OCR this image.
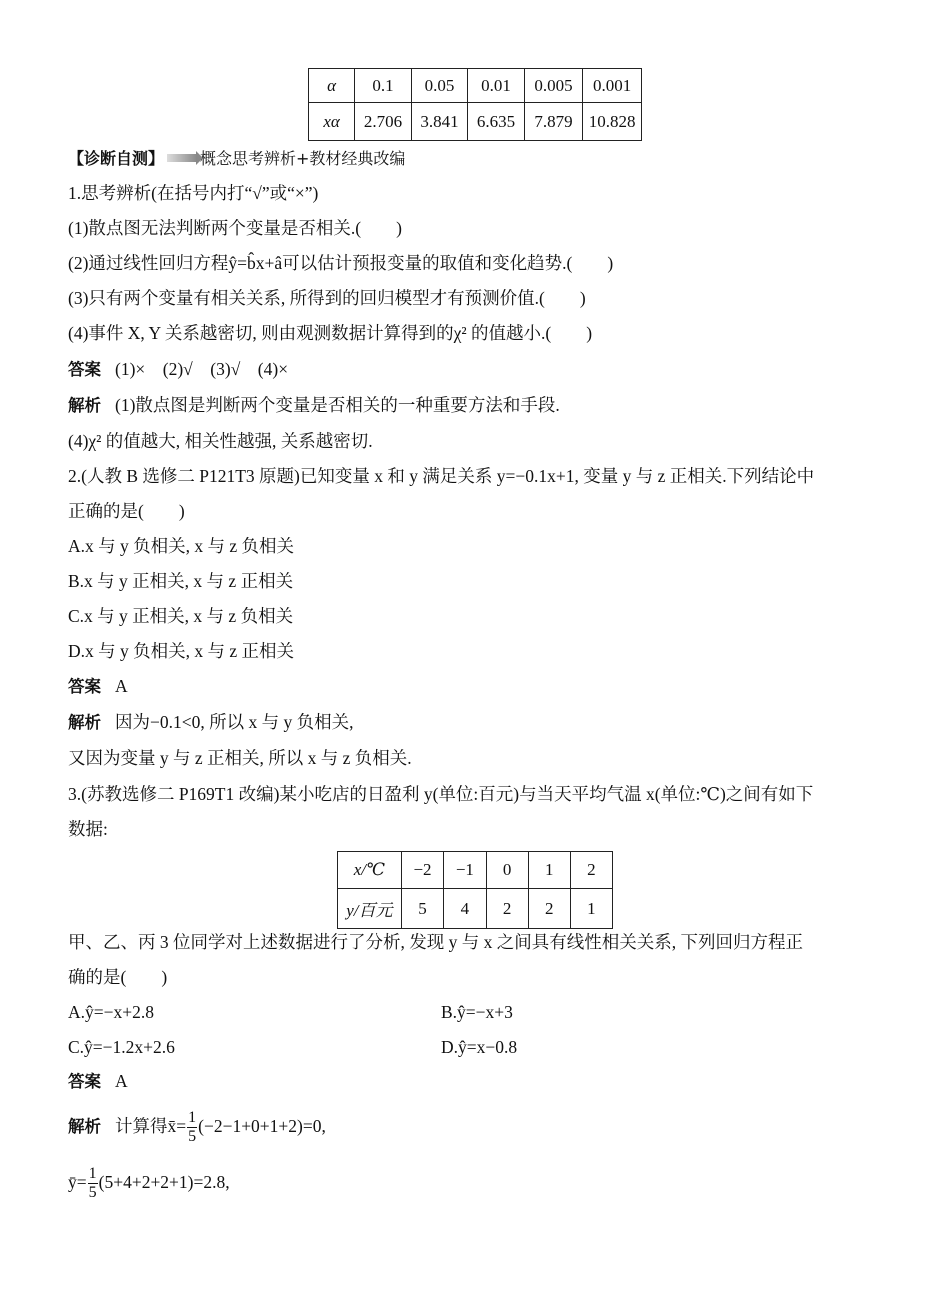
α	0.1	0.05	0.01	0.005	0.001
xα	2.706	3.841	6.635	7.879	10.828
【诊断自测】 概念思考辨析+教材经典改编
1.思考辨析(在括号内打“√”或“×”)
(1)散点图无法判断两个变量是否相关.(　　)
(2)通过线性回归方程ŷ=b̂x+â可以估计预报变量的取值和变化趋势.(　　)
(3)只有两个变量有相关关系, 所得到的回归模型才有预测价值.(　　)
(4)事件 X, Y 关系越密切, 则由观测数据计算得到的χ² 的值越小.(　　)
答案 (1)×　(2)√　(3)√　(4)×
解析 (1)散点图是判断两个变量是否相关的一种重要方法和手段.
(4)χ² 的值越大, 相关性越强, 关系越密切.
2.(人教 B 选修二 P121T3 原题)已知变量 x 和 y 满足关系 y=−0.1x+1, 变量 y 与 z 正相关.下列结论中
正确的是(　　)
A.x 与 y 负相关, x 与 z 负相关
B.x 与 y 正相关, x 与 z 正相关
C.x 与 y 正相关, x 与 z 负相关
D.x 与 y 负相关, x 与 z 正相关
答案 A
解析 因为−0.1<0, 所以 x 与 y 负相关,
又因为变量 y 与 z 正相关, 所以 x 与 z 负相关.
3.(苏教选修二 P169T1 改编)某小吃店的日盈利 y(单位:百元)与当天平均气温 x(单位:℃)之间有如下
数据:
x/℃	−2	−1	0	1	2
y/百元	5	4	2	2	1
甲、乙、丙 3 位同学对上述数据进行了分析, 发现 y 与 x 之间具有线性相关关系, 下列回归方程正
确的是(　　)
A.ŷ=−x+2.8	B.ŷ=−x+3
C.ŷ=−1.2x+2.6	D.ŷ=x−0.8
答案 A
解析 计算得x̄= $\frac{1}{5} (-2-1+0+1+2)=0$,
ȳ= $\frac{1}{5} (5+4+2+2+1)=2.8$,
